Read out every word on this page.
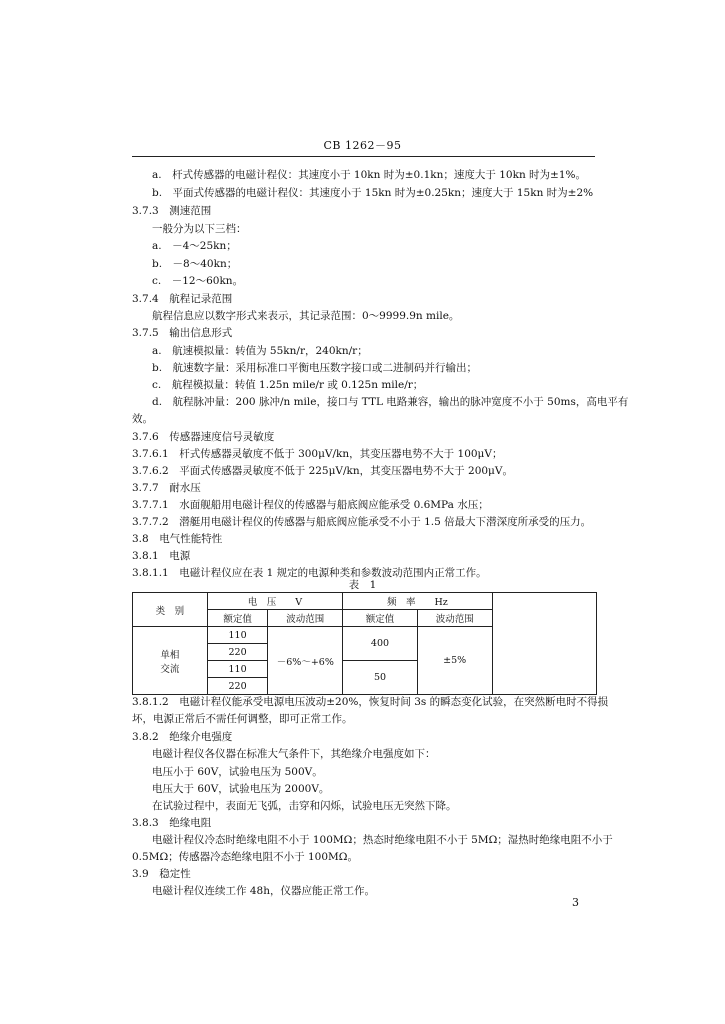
CB 1262－95
a.　杆式传感器的电磁计程仪：其速度小于 10kn 时为±0.1kn；速度大于 10kn 时为±1%。
b.　平面式传感器的电磁计程仪：其速度小于 15kn 时为±0.25kn；速度大于 15kn 时为±2%
3.7.3　测速范围
一般分为以下三档：
a.　－4～25kn；
b.　－8～40kn；
c.　－12～60kn。
3.7.4　航程记录范围
航程信息应以数字形式来表示，其记录范围：0～9999.9n mile。
3.7.5　输出信息形式
a.　航速模拟量：转值为 55kn/r，240kn/r；
b.　航速数字量：采用标准口平衡电压数字接口或二进制码并行输出；
c.　航程模拟量：转值 1.25n mile/r 或 0.125n mile/r；
d.　航程脉冲量：200 脉冲/n mile，接口与 TTL 电路兼容，输出的脉冲宽度不小于 50ms，高电平有
效。
3.7.6　传感器速度信号灵敏度
3.7.6.1　杆式传感器灵敏度不低于 300μV/kn，其变压器电势不大于 100μV；
3.7.6.2　平面式传感器灵敏度不低于 225μV/kn，其变压器电势不大于 200μV。
3.7.7　耐水压
3.7.7.1　水面舰船用电磁计程仪的传感器与船底阀应能承受 0.6MPa 水压；
3.7.7.2　潜艇用电磁计程仪的传感器与船底阀应能承受不小于 1.5 倍最大下潜深度所承受的压力。
3.8　电气性能特性
3.8.1　电源
3.8.1.1　电磁计程仪应在表 1 规定的电源种类和参数波动范围内正常工作。
3.8.1.2　电磁计程仪能承受电源电压波动±20%，恢复时间 3s 的瞬态变化试验，在突然断电时不得损
坏，电源正常后不需任何调整，即可正常工作。
3.8.2　绝缘介电强度
电磁计程仪各仪器在标准大气条件下，其绝缘介电强度如下：
电压小于 60V，试验电压为 500V。
电压大于 60V，试验电压为 2000V。
在试验过程中，表面无飞弧，击穿和闪烁，试验电压无突然下降。
3.8.3　绝缘电阻
电磁计程仪冷态时绝缘电阻不小于 100MΩ；热态时绝缘电阻不小于 5MΩ；湿热时绝缘电阻不小于
0.5MΩ；传感器冷态绝缘电阻不小于 100MΩ。
3.9　稳定性
电磁计程仪连续工作 48h，仪器应能正常工作。
表　1
类　别	电　压　　V		频　率　　Hz		
	额定值	波动范围	额定值	波动范围	
单相
交流	110	－6%～+6%	400	±5%	
	220				
	110		50		
	220				
3
